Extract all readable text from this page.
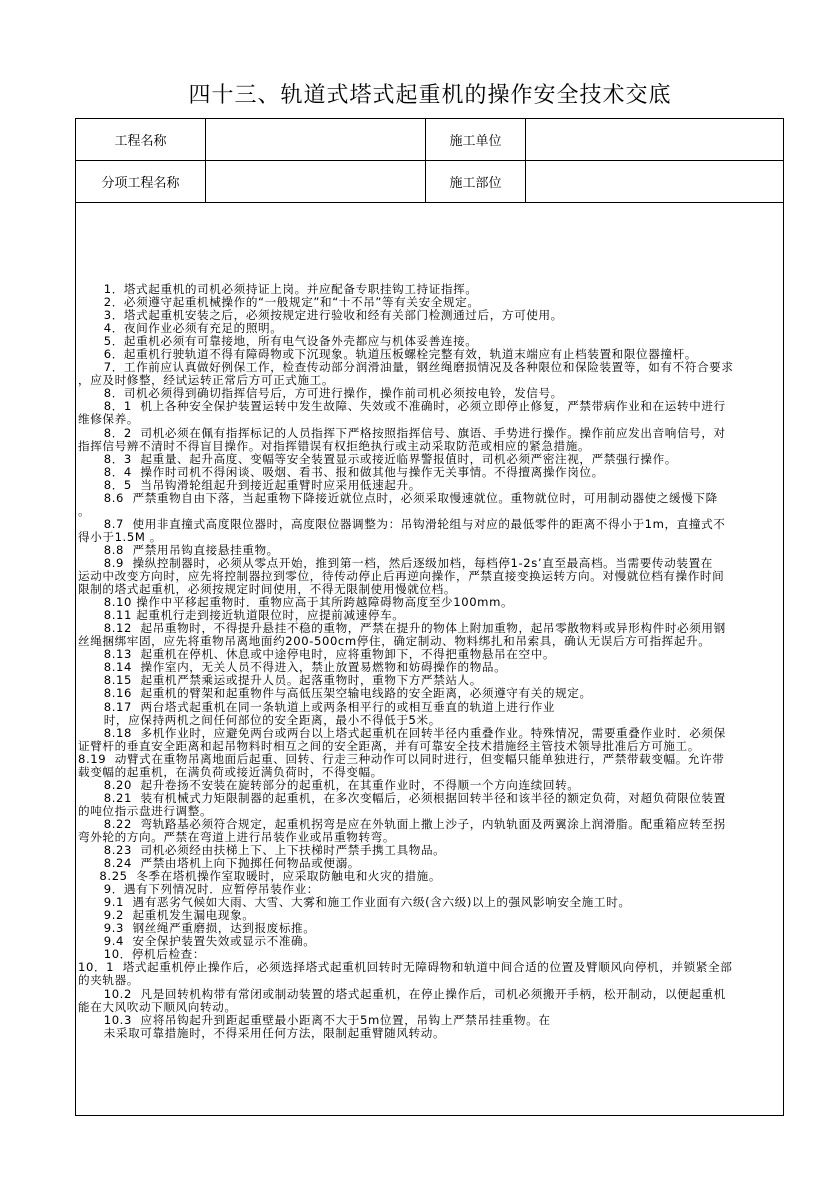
四十三、轨道式塔式起重机的操作安全技术交底
工程名称	施工单位
分项工程名称	施工部位
1．塔式起重机的司机必须持证上岗。并应配备专职挂钩工持证指挥。
2．必须遵守起重机械操作的“一般规定”和“十不吊”等有关安全规定。
3．塔式起重机安装之后，必须按规定进行验收和经有关部门检测通过后，方可使用。
4．夜间作业必须有充足的照明。
5．起重机必须有可靠接地，所有电气设备外壳都应与机体妥善连接。
6．起重机行驶轨道不得有障碍物或下沉现象。轨道压板螺栓完整有效，轨道末端应有止档装置和限位器撞杆。
7．工作前应认真做好例保工作，检查传动部分润滑油量，钢丝绳磨损情况及各种限位和保险装置等，如有不符合要求
，应及时修整，经试运转正常后方可正式施工。
8．司机必须得到确切指挥信号后，方可进行操作，操作前司机必须按电铃，发信号。
8．1  机上各种安全保护装置运转中发生故障、失效或不准确时，必须立即停止修复，严禁带病作业和在运转中进行
维修保养。
8．2  司机必须在佩有指挥标记的人员指挥下严格按照指挥信号、旗语、手势进行操作。操作前应发出音响信号，对
指挥信号辨不清时不得盲目操作。对指挥错误有权拒绝执行或主动采取防范或相应的紧急措施。
8．3  起重量、起升高度、变幅等安全装置显示或接近临界警报值时，司机必须严密注视，严禁强行操作。
8．4  操作时司机不得闲谈、吸烟、看书、报和做其他与操作无关事情。不得擅离操作岗位。
8．5  当吊钩滑轮组起升到接近起重臂时应采用低速起升。
8.6  严禁重物自由下落，当起重物下降接近就位点时，必须采取慢速就位。重物就位时，可用制动器使之缓慢下降
。
8.7  使用非直撞式高度限位器时，高度限位器调整为：吊钩滑轮组与对应的最低零件的距离不得小于1m，直撞式不
得小于1.5M 。
8.8  严禁用吊钩直接悬挂重物。
8.9  操纵控制器时，必须从零点开始，推到第一档，然后逐级加档，每档停1-2s’直至最高档。当需要传动装置在
运动中改变方向时，应先将控制器拉到零位，待传动停止后再逆向操作，严禁直接变换运转方向。对慢就位档有操作时间
限制的塔式起重机，必须按规定时间使用，不得无限制使用慢就位档。
8.10 操作中平移起重物时．重物应高于其所跨越障碍物高度至少100mm。
8.11 起重机行走到接近轨道限位时，应提前减速停车。
8.12  起吊重物时，不得提升悬挂不稳的重物，严禁在提升的物体上附加重物，起吊零散物料或异形构件时必须用钢
丝绳捆绑牢固，应先将重物吊离地面约200-500cm停住，确定制动、物料绑扎和吊索具，确认无误后方可指挥起升。
8.13  起重机在停机、休息或中途停电时，应将重物卸下，不得把重物悬吊在空中。
8.14  操作室内，无关人员不得进入，禁止放置易燃物和妨碍操作的物品。
8.15  起重机严禁乘运或提升人员。起落重物时，重物下方严禁站人。
8.16  起重机的臂架和起重物件与高低压架空输电线路的安全距离，必须遵守有关的规定。
8.17  两台塔式起重机在同一条轨道上或两条相平行的或相互垂直的轨道上进行作业
时，应保持两机之间任何部位的安全距离，最小不得低于5米。
8.18  多机作业时，应避免两台或两台以上塔式起重机在回转半径内重叠作业。特殊情况，需要重叠作业时．必须保
证臂杆的垂直安全距离和起吊物料时相互之间的安全距离，并有可靠安全技术措施经主管技术领导批准后方可施工。
8.19  动臂式在重物吊离地面后起重、回转、行走三种动作可以同时进行，但变幅只能单独进行，严禁带载变幅。允许带
载变幅的起重机，在满负荷或接近满负荷时，不得变幅。
8.20  起升卷扬不安装在旋转部分的起重机，在其重作业时，不得顺一个方向连续回转。
8.21  装有机械式力矩限制器的起重机，在多次变幅后，必须根据回转半径和该半径的额定负荷，对超负荷限位装置
的吨位指示盘进行调整。
8.22  弯轨路基必须符合规定，起重机拐弯是应在外轨面上撒上沙子，内轨轨面及两翼涂上润滑脂。配重箱应转至拐
弯外轮的方向。严禁在弯道上进行吊装作业或吊重物转弯。
8.23  司机必须经由扶梯上下、上下扶梯时严禁手携工具物品。
8.24  严禁由塔机上向下抛掷任何物品或便溺。
8.25  冬季在塔机操作室取暖时，应采取防触电和火灾的措施。
9．遇有下列情况时．应暂停吊装作业：
9.1  遇有恶劣气候如大雨、大雪、大雾和施工作业面有六级(含六级)以上的强风影响安全施工时。
9.2  起重机发生漏电现象。
9.3  钢丝绳严重磨损，达到报废标推。
9.4  安全保护装置失效或显示不准确。
10．停机后检查：
10．1  塔式起重机停止操作后，必须选择塔式起重机回转时无障碍物和轨道中间合适的位置及臂顺风向停机，并锁紧全部
的夹轨器。
10.2  凡是回转机构带有常闭或制动装置的塔式起重机，在停止操作后，司机必须搬开手柄，松开制动，以便起重机
能在大风吹动下顺风向转动。
10.3  应将吊钩起升到距起重壁最小距离不大于5m位置，吊钩上严禁吊挂重物。在
未采取可靠措施时，不得采用任何方法，限制起重臂随风转动。
